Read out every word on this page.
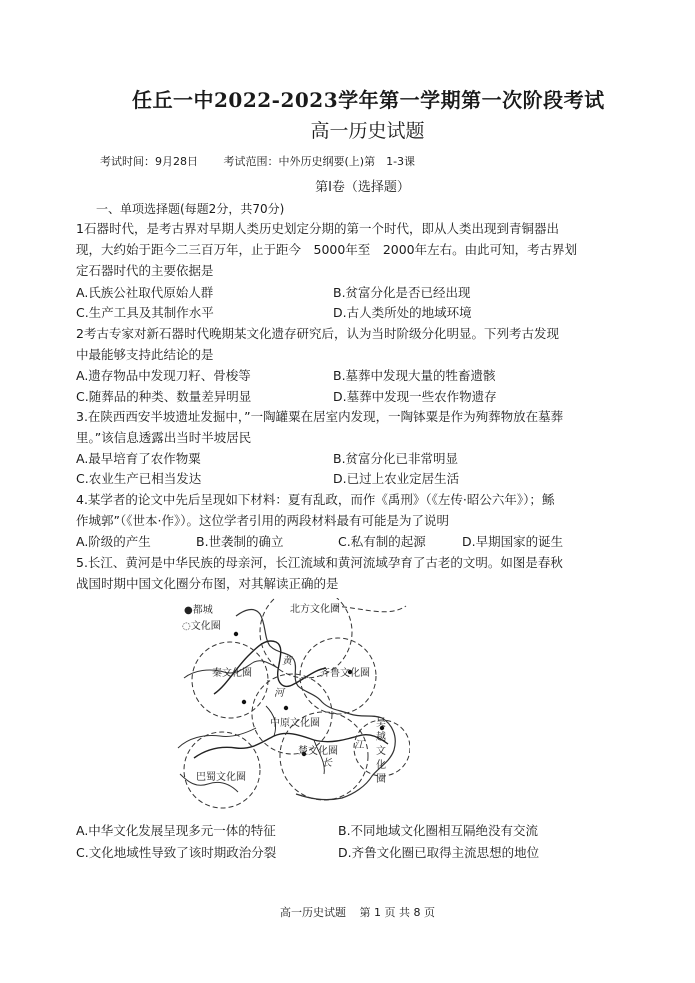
任丘一中2022-2023学年第一学期第一次阶段考试
高一历史试题
考试时间：9月28日 考试范围：中外历史纲要(上)第　1-3课
第Ⅰ卷（选择题）
一、单项选择题(每题2分，共70分)
1石器时代，是考古界对早期人类历史划定分期的第一个时代，即从人类出现到青铜器出
现，大约始于距今二三百万年，止于距今　5000年至　2000年左右。由此可知，考古界划
定石器时代的主要依据是
A.氏族公社取代原始人群	B.贫富分化是否已经出现
C.生产工具及其制作水平	D.古人类所处的地域环境
2考古专家对新石器时代晚期某文化遗存研究后，认为当时阶级分化明显。下列考古发现
中最能够支持此结论的是
A.遗存物品中发现刀籽、骨梭等	B.墓葬中发现大量的牲畜遗骸
C.随葬品的种类、数量差异明显	D.墓葬中发现一些农作物遗存
3.在陕西西安半坡遗址发掘中，”一陶罐粟在居室内发现，一陶钵粟是作为殉葬物放在墓葬
里。”该信息透露出当时半坡居民
A.最早培育了农作物粟	B.贫富分化已非常明显
C.农业生产已相当发达	D.已过上农业定居生活
4.某学者的论文中先后呈现如下材料：夏有乱政，而作《禹刑》（《左传·昭公六年》）；鲧
作城郭”（《世本·作》）。这位学者引用的两段材料最有可能是为了说明
A.阶级的产生	B.世袭制的确立	C.私有制的起源	D.早期国家的诞生
5.长江、黄河是中华民族的母亲河，长江流域和黄河流域孕育了古老的文明。如图是春秋
战国时期中国文化圈分布图，对其解读正确的是
●都城
◌文化圈
北方文化圈
秦文化圈	齐鲁文化圈
中原文化圈
楚文化圈
巴蜀文化圈
黄
河
长
江
吴
越
文
化
圈
A.中华文化发展呈现多元一体的特征	B.不同地域文化圈相互隔绝没有交流
C.文化地域性导致了该时期政治分裂	D.齐鲁文化圈已取得主流思想的地位
高一历史试题 第 1 页 共 8 页
